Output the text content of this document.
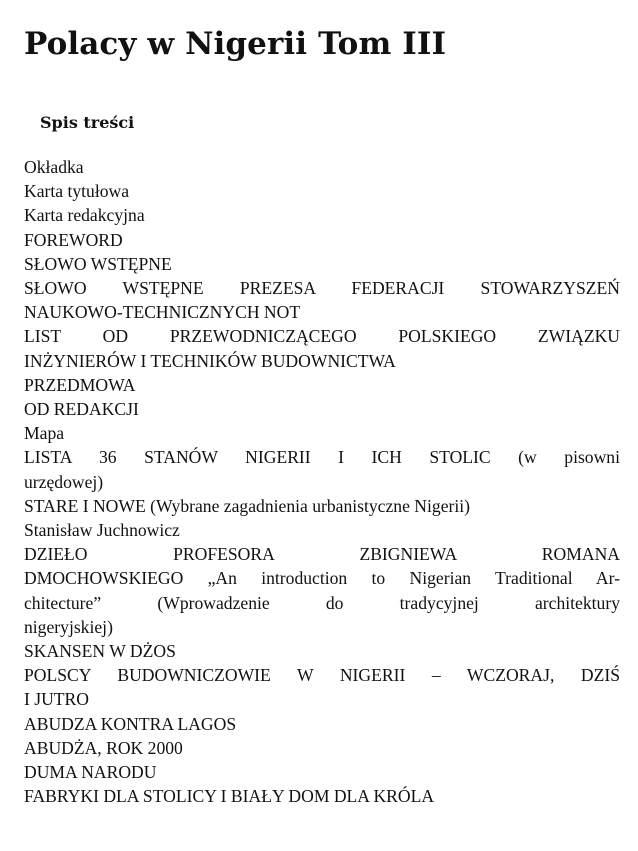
Polacy w Nigerii Tom III
Spis treści
Okładka
Karta tytułowa
Karta redakcyjna
FOREWORD
SŁOWO WSTĘPNE
SŁOWO WSTĘPNE PREZESA FEDERACJI STOWARZYSZEŃ
NAUKOWO-TECHNICZNYCH NOT
LIST OD PRZEWODNICZĄCEGO POLSKIEGO ZWIĄZKU
INŻYNIERÓW I TECHNIKÓW BUDOWNICTWA
PRZEDMOWA
OD REDAKCJI
Mapa
LISTA 36 STANÓW NIGERII I ICH STOLIC (w pisowni
urzędowej)
STARE I NOWE (Wybrane zagadnienia urbanistyczne Nigerii)
Stanisław Juchnowicz
DZIEŁO PROFESORA ZBIGNIEWA ROMANA
DMOCHOWSKIEGO „An introduction to Nigerian Traditional Ar-
chitecture” (Wprowadzenie do tradycyjnej architektury
nigeryjskiej)
SKANSEN W DŻOS
POLSCY BUDOWNICZOWIE W NIGERII – WCZORAJ, DZIŚ
I JUTRO
ABUDZA KONTRA LAGOS
ABUDŻA, ROK 2000
DUMA NARODU
FABRYKI DLA STOLICY I BIAŁY DOM DLA KRÓLA
